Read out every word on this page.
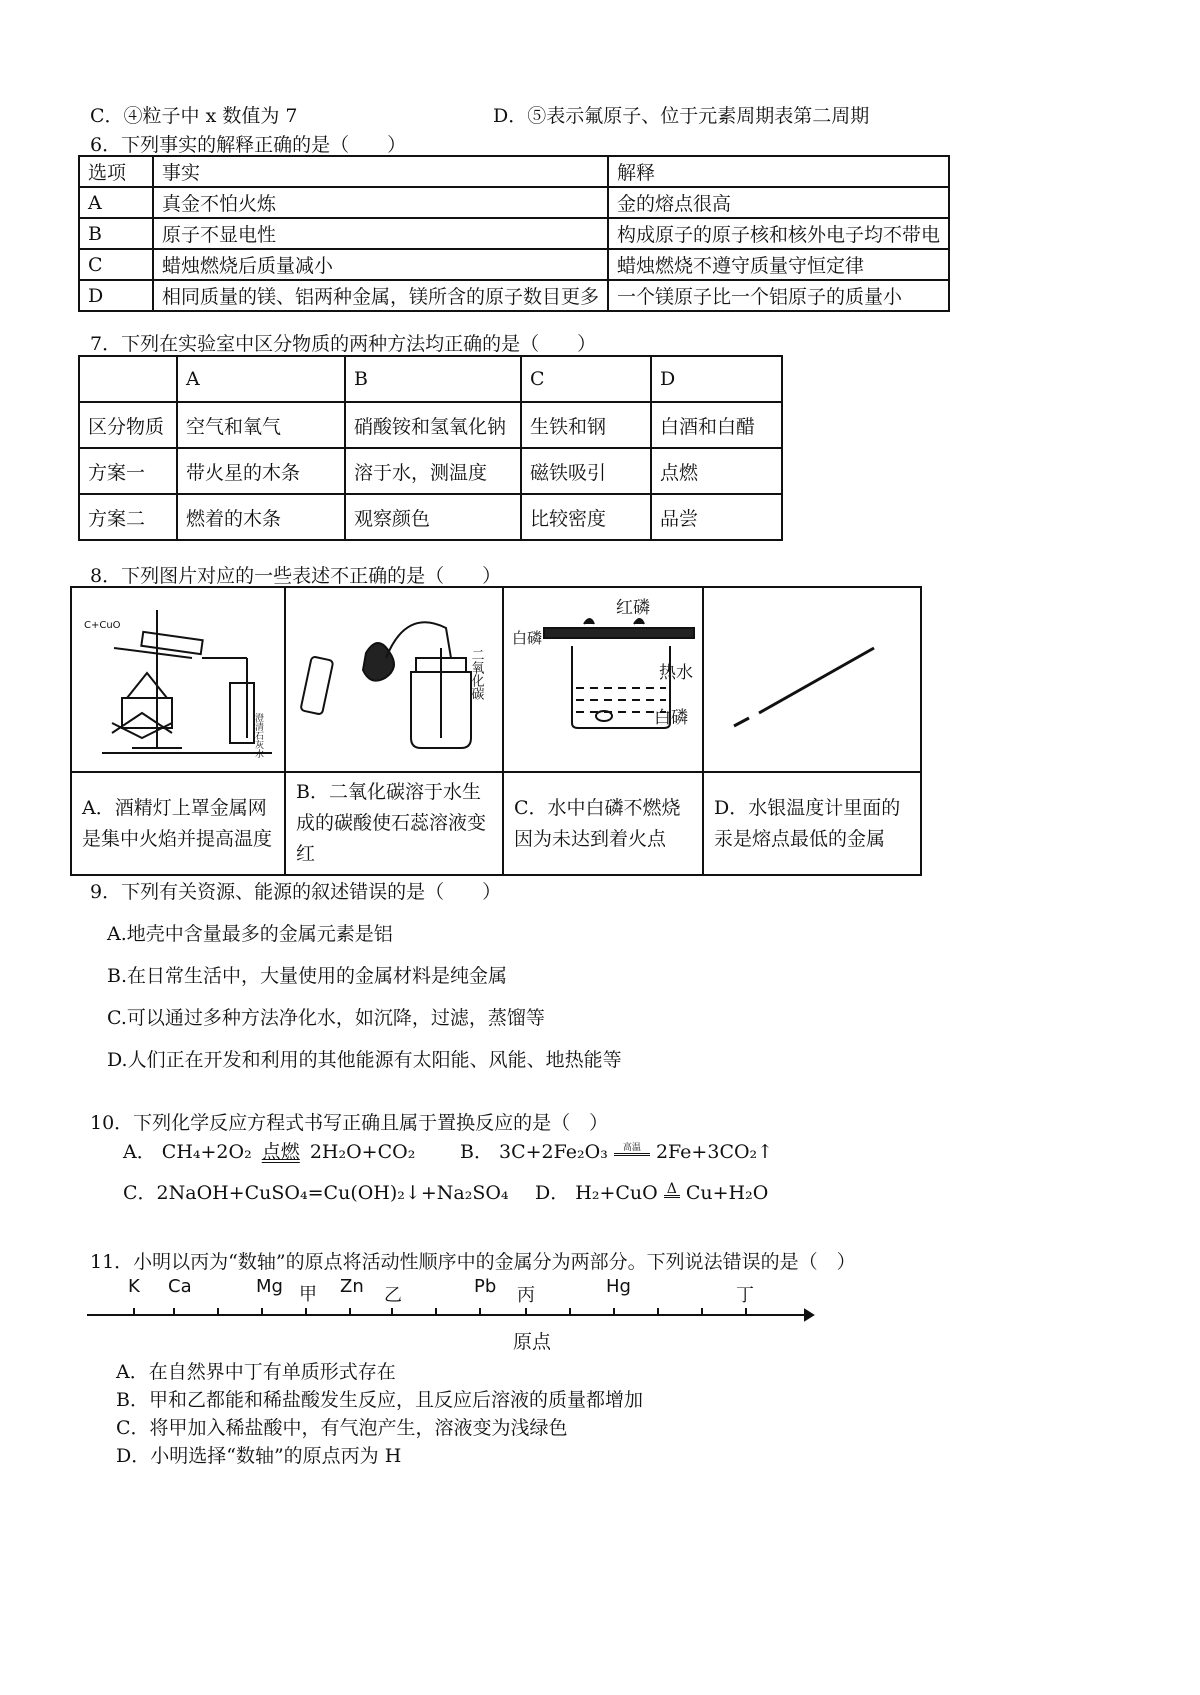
C．④粒子中 x 数值为 7	D．⑤表示氟原子、位于元素周期表第二周期
6．下列事实的解释正确的是（　　）
选项	事实	解释
A	真金不怕火炼	金的熔点很高
B	原子不显电性	构成原子的原子核和核外电子均不带电
C	蜡烛燃烧后质量减小	蜡烛燃烧不遵守质量守恒定律
D	相同质量的镁、铝两种金属，镁所含的原子数目更多	一个镁原子比一个铝原子的质量小
7．下列在实验室中区分物质的两种方法均正确的是（　　）
	A	B	C	D
区分物质	空气和氧气	硝酸铵和氢氧化钠	生铁和钢	白酒和白醋
方案一	带火星的木条	溶于水，测温度	磁铁吸引	点燃
方案二	燃着的木条	观察颜色	比较密度	品尝
8．下列图片对应的一些表述不正确的是（　　）
C+CuO
澄清石灰水	二氧化碳	红磷
白磷
热水
白磷

A．酒精灯上罩金属网是集中火焰并提高温度	B．二氧化碳溶于水生成的碳酸使石蕊溶液变红	C．水中白磷不燃烧因为未达到着火点	D．水银温度计里面的汞是熔点最低的金属
9．下列有关资源、能源的叙述错误的是（　　）
A.地壳中含量最多的金属元素是铝
B.在日常生活中，大量使用的金属材料是纯金属
C.可以通过多种方法净化水，如沉降，过滤，蒸馏等
D.人们正在开发和利用的其他能源有太阳能、风能、地热能等
10．下列化学反应方程式书写正确且属于置换反应的是（　）
A． CH₄+2O₂ 点燃 2H₂O+CO₂ B． 3C+2Fe₂O₃ 高温 2Fe+3CO₂↑
C．2NaOH+CuSO₄=Cu(OH)₂↓+Na₂SO₄ D． H₂+CuO Δ Cu+H₂O
11．小明以丙为“数轴”的原点将活动性顺序中的金属分为两部分。下列说法错误的是（　）
K Ca	Mg 甲 Zn 乙	Pb 丙	Hg	丁
原点
A．在自然界中丁有单质形式存在
B．甲和乙都能和稀盐酸发生反应，且反应后溶液的质量都增加
C．将甲加入稀盐酸中，有气泡产生，溶液变为浅绿色
D．小明选择“数轴”的原点丙为 H
